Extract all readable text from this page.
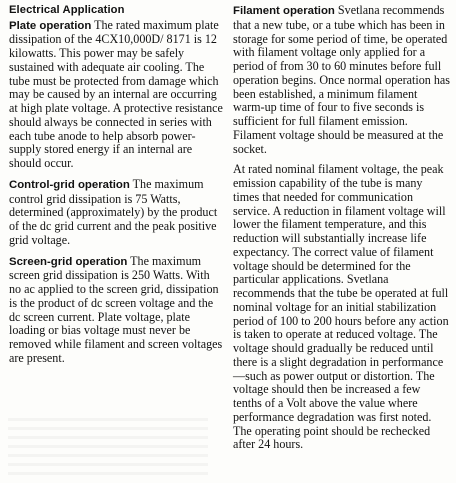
Electrical Application

Plate operation The rated maximum plate dissipation of the 4CX10,000D/ 8171 is 12 kilowatts. This power may be safely sustained with adequate air cooling. The tube must be protected from damage which may be caused by an internal are occurring at high plate voltage. A protective resistance should always be connected in series with each tube anode to help absorb power-supply stored energy if an internal are should occur.

Control-grid operation The maximum control grid dissipation is 75 Watts, determined (approximately) by the product of the dc grid current and the peak positive grid voltage.

Screen-grid operation The maximum screen grid dissipation is 250 Watts. With no ac applied to the screen grid, dissipation is the product of dc screen voltage and the dc screen current. Plate voltage, plate loading or bias voltage must never be removed while filament and screen voltages are present.

Filament operation Svetlana recommends that a new tube, or a tube which has been in storage for some period of time, be operated with filament voltage only applied for a period of from 30 to 60 minutes before full operation begins. Once normal operation has been established, a minimum filament warm-up time of four to five seconds is sufficient for full filament emission. Filament voltage should be measured at the socket.

At rated nominal filament voltage, the peak emission capability of the tube is many times that needed for communication service. A reduction in filament voltage will lower the filament temperature, and this reduction will substantially increase life expectancy. The correct value of filament voltage should be determined for the particular applications. Svetlana recommends that the tube be operated at full nominal voltage for an initial stabilization period of 100 to 200 hours before any action is taken to operate at reduced voltage. The voltage should gradually be reduced until there is a slight degradation in performance—such as power output or distortion. The voltage should then be increased a few tenths of a Volt above the value where performance degradation was first noted. The operating point should be rechecked after 24 hours.
